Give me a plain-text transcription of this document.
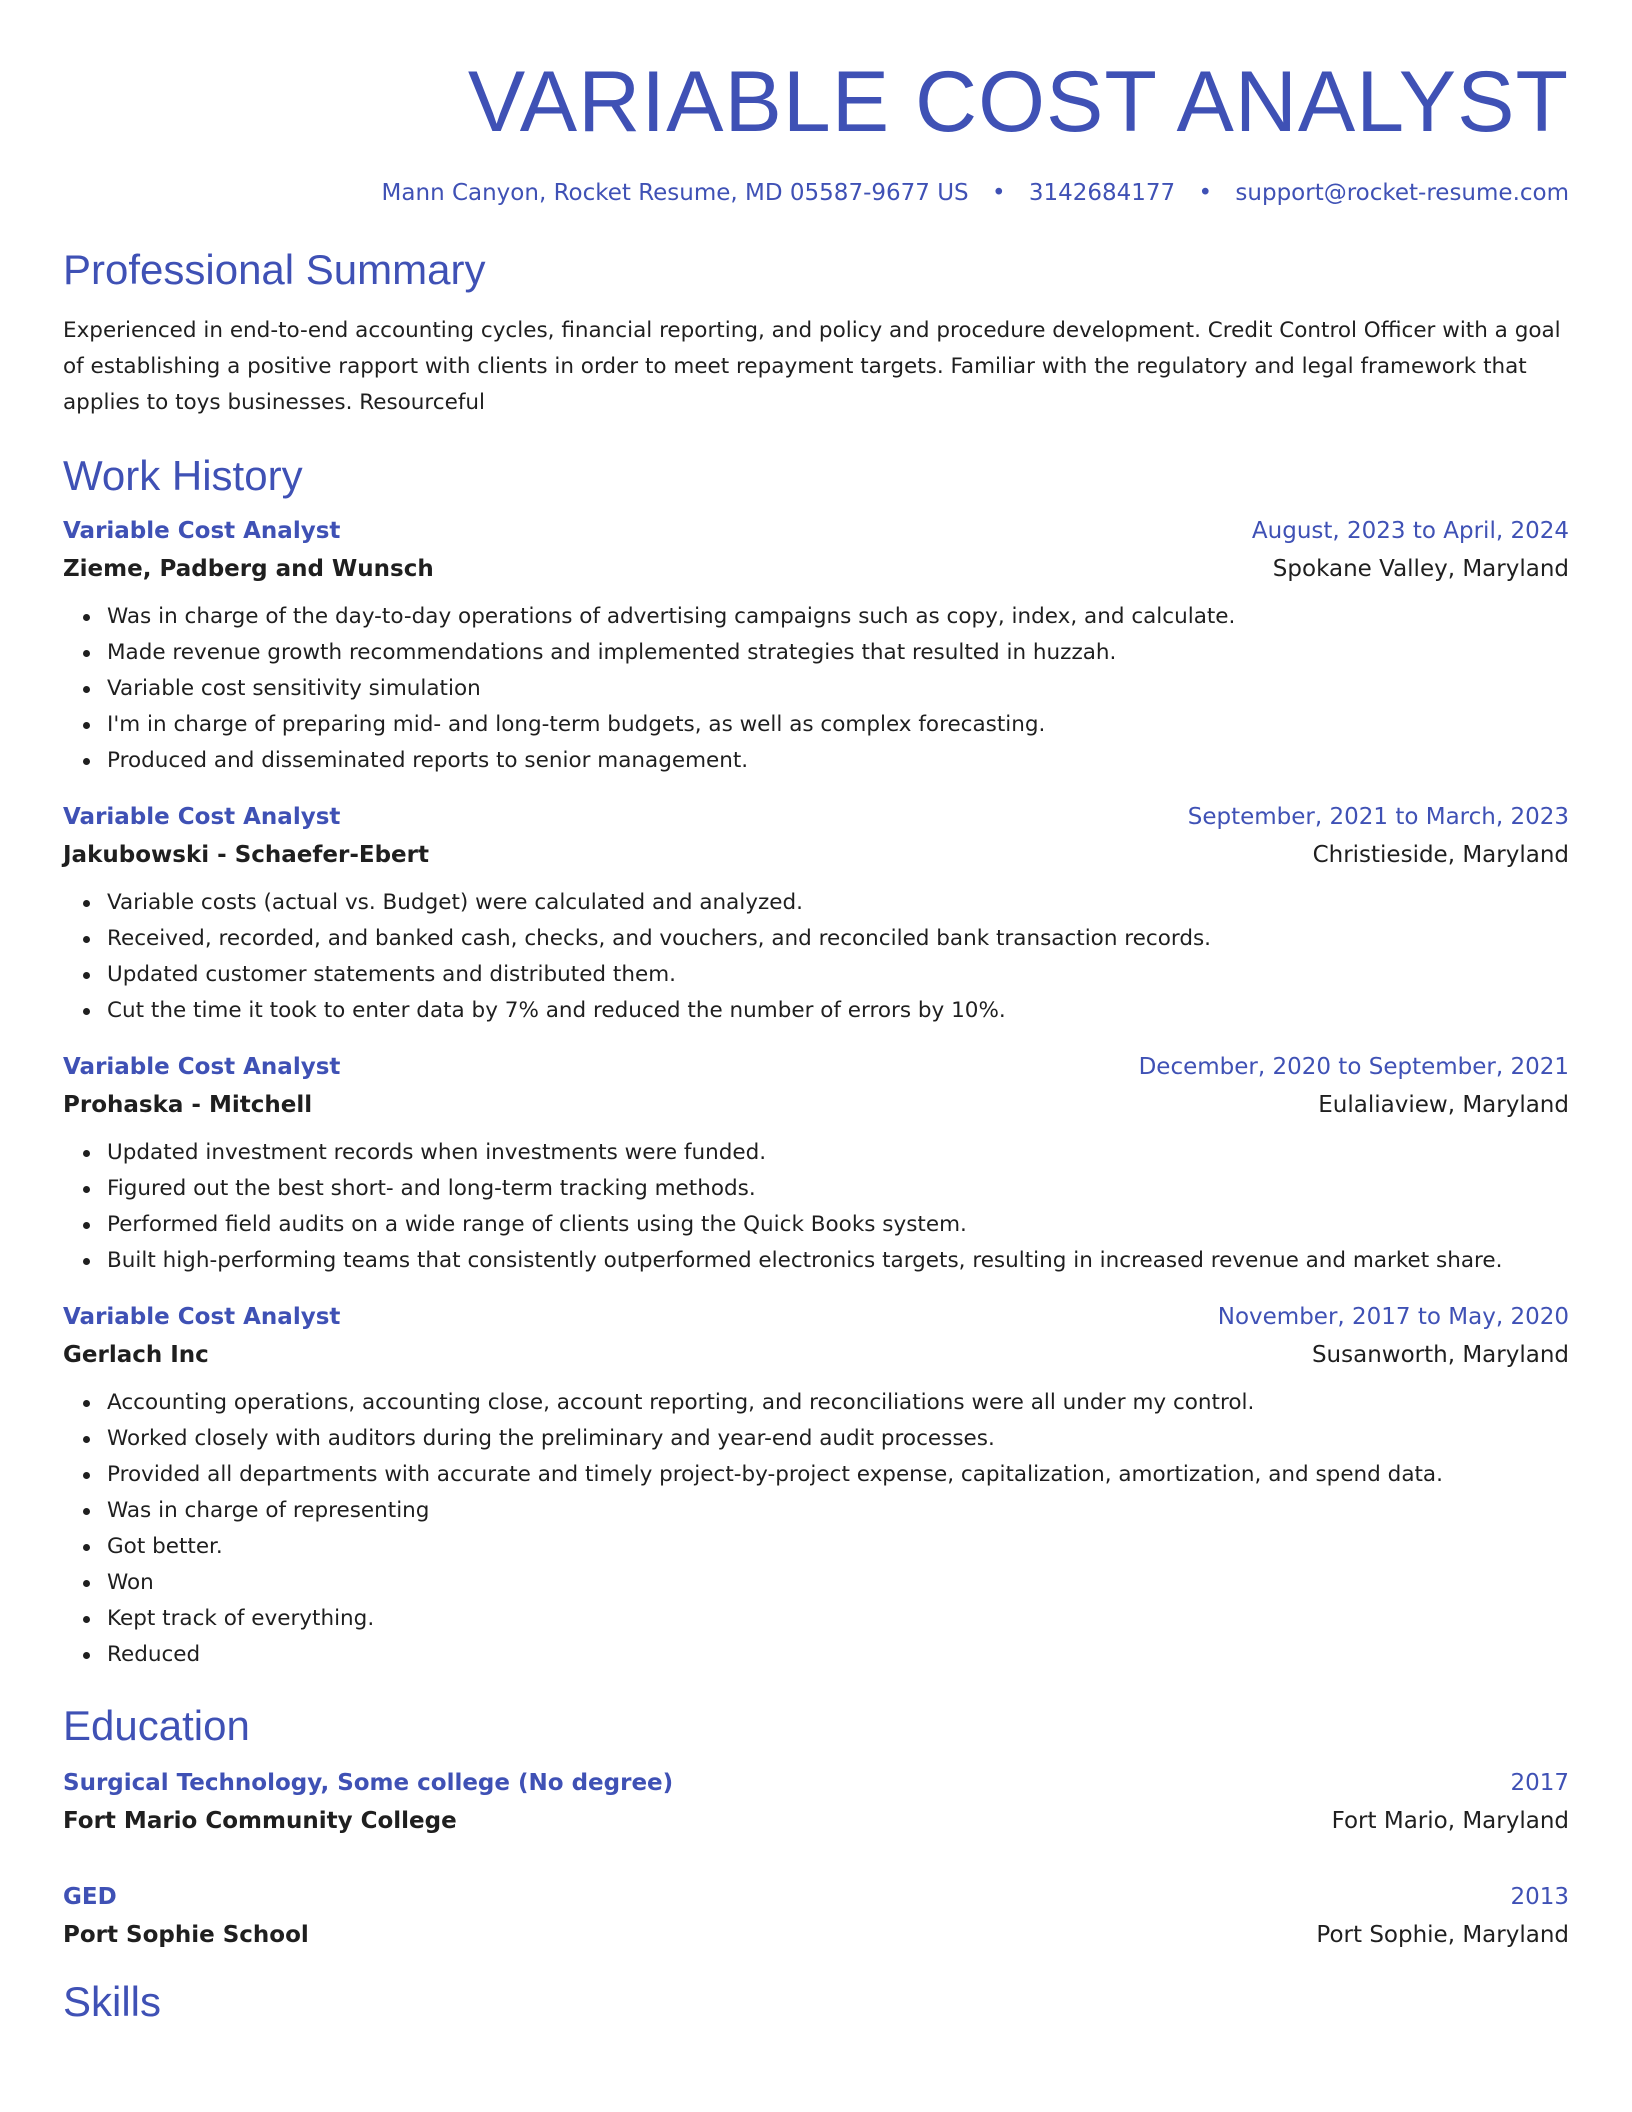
VARIABLE COST ANALYST
Mann Canyon, Rocket Resume, MD 05587-9677 US • 3142684177 • support@rocket-resume.com
Professional Summary
Experienced in end-to-end accounting cycles, financial reporting, and policy and procedure development. Credit Control Officer with a goal of establishing a positive rapport with clients in order to meet repayment targets. Familiar with the regulatory and legal framework that applies to toys businesses. Resourceful
Work History
Variable Cost Analyst	August, 2023 to April, 2024
Zieme, Padberg and Wunsch	Spokane Valley, Maryland
Was in charge of the day-to-day operations of advertising campaigns such as copy, index, and calculate.
Made revenue growth recommendations and implemented strategies that resulted in huzzah.
Variable cost sensitivity simulation
I'm in charge of preparing mid- and long-term budgets, as well as complex forecasting.
Produced and disseminated reports to senior management.
Variable Cost Analyst	September, 2021 to March, 2023
Jakubowski - Schaefer-Ebert	Christieside, Maryland
Variable costs (actual vs. Budget) were calculated and analyzed.
Received, recorded, and banked cash, checks, and vouchers, and reconciled bank transaction records.
Updated customer statements and distributed them.
Cut the time it took to enter data by 7% and reduced the number of errors by 10%.
Variable Cost Analyst	December, 2020 to September, 2021
Prohaska - Mitchell	Eulaliaview, Maryland
Updated investment records when investments were funded.
Figured out the best short- and long-term tracking methods.
Performed field audits on a wide range of clients using the Quick Books system.
Built high-performing teams that consistently outperformed electronics targets, resulting in increased revenue and market share.
Variable Cost Analyst	November, 2017 to May, 2020
Gerlach Inc	Susanworth, Maryland
Accounting operations, accounting close, account reporting, and reconciliations were all under my control.
Worked closely with auditors during the preliminary and year-end audit processes.
Provided all departments with accurate and timely project-by-project expense, capitalization, amortization, and spend data.
Was in charge of representing
Got better.
Won
Kept track of everything.
Reduced
Education
Surgical Technology, Some college (No degree)	2017
Fort Mario Community College	Fort Mario, Maryland
GED	2013
Port Sophie School	Port Sophie, Maryland
Skills
